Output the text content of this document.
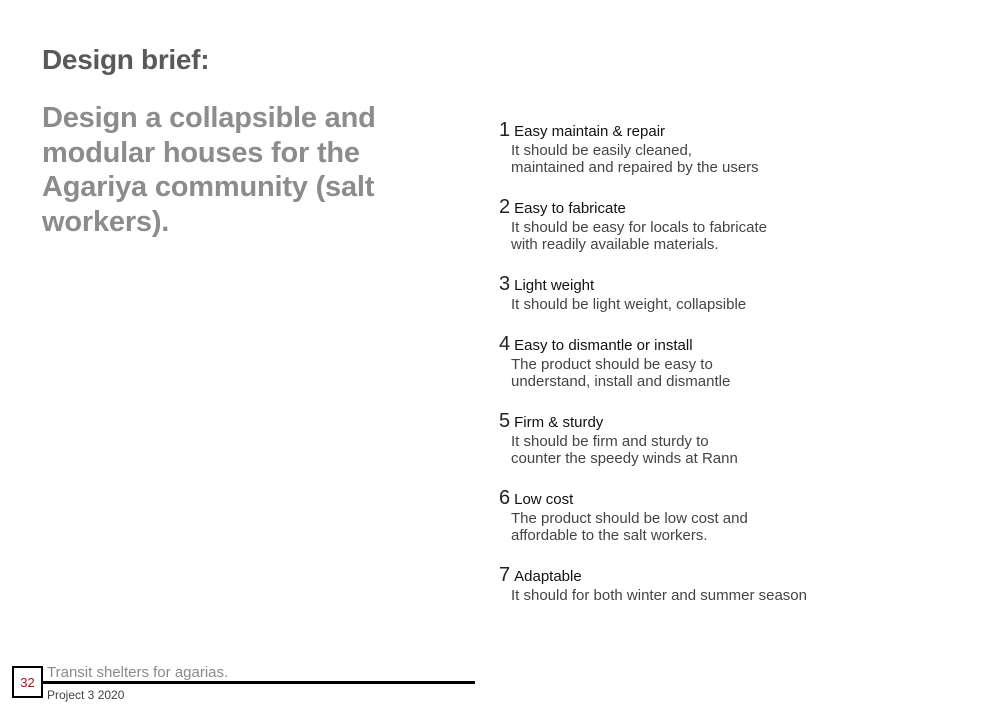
Design brief:

Design a collapsible and modular houses for the Agariya community (salt workers).

1 Easy maintain & repair
It should be easily cleaned,
maintained and repaired by the users
2 Easy to fabricate
It should be easy for locals to fabricate
with readily available materials.
3 Light weight
It should be light weight, collapsible
4 Easy to dismantle or install
The product should be easy to
understand, install and dismantle
5 Firm & sturdy
It should be firm and sturdy to
counter the speedy winds at Rann
6 Low cost
The product should be low cost and
affordable to the salt workers.
7 Adaptable
It should for both winter and summer season
32
Transit shelters for agarias.
Project 3 2020
